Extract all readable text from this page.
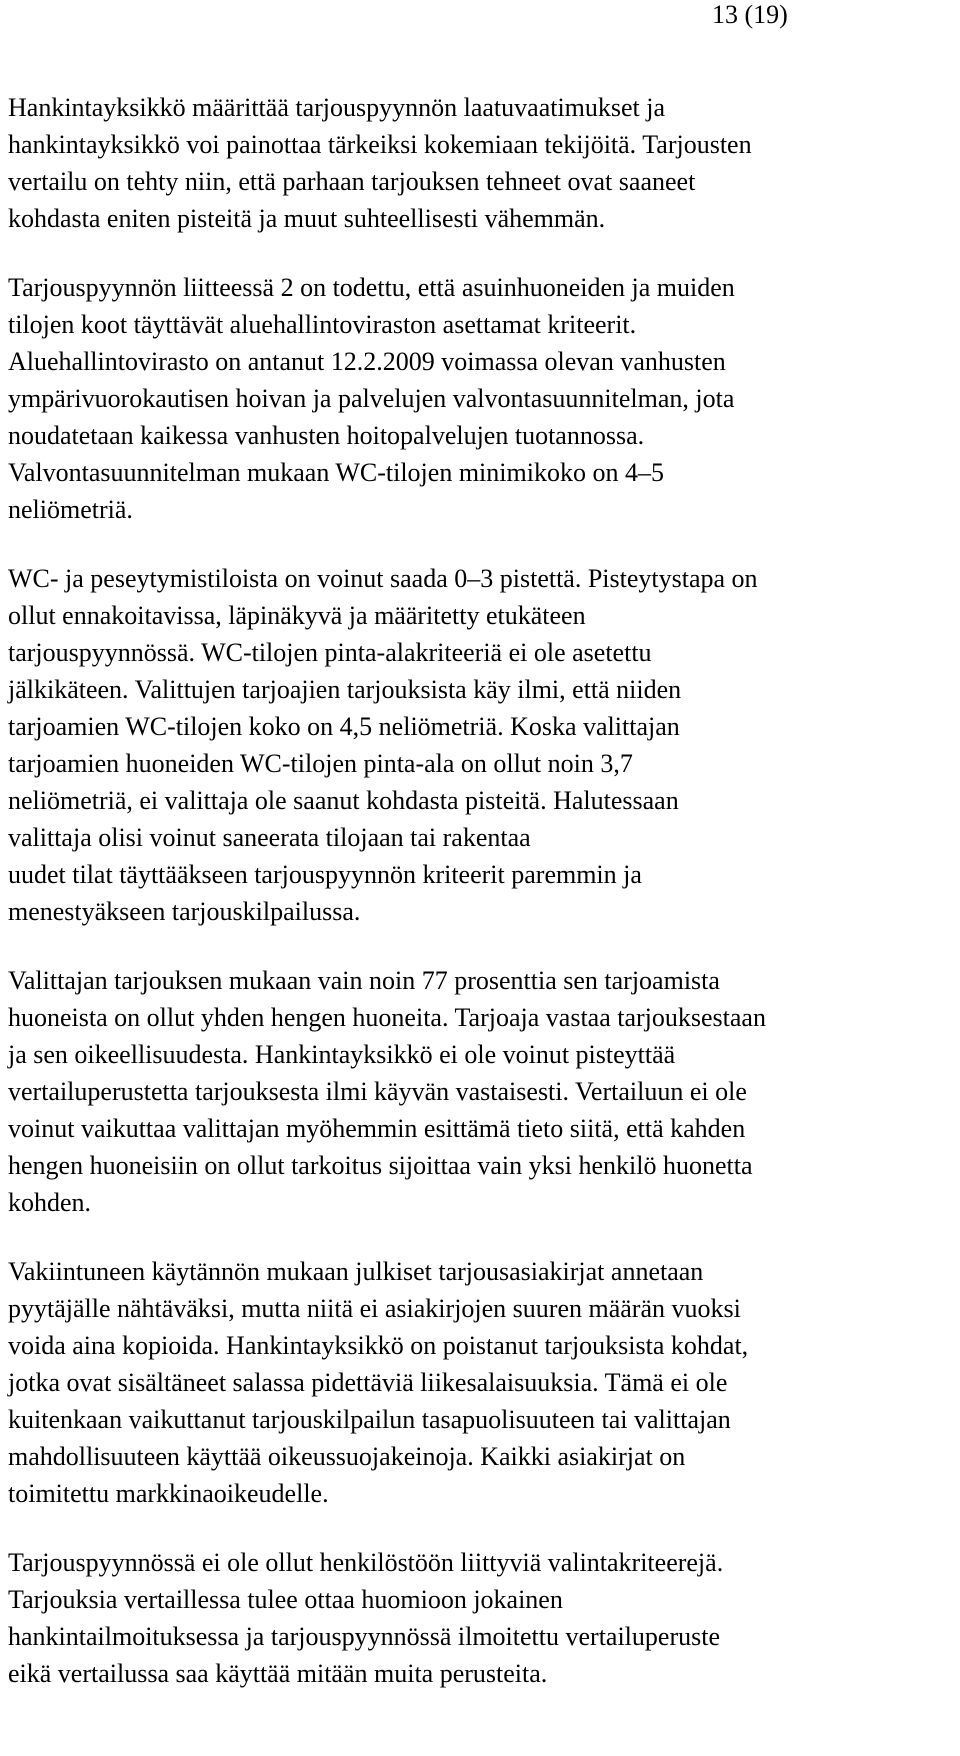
13 (19)

Hankintayksikkö määrittää tarjouspyynnön laatuvaatimukset ja
hankintayksikkö voi painottaa tärkeiksi kokemiaan tekijöitä. Tarjousten
vertailu on tehty niin, että parhaan tarjouksen tehneet ovat saaneet
kohdasta eniten pisteitä ja muut suhteellisesti vähemmän.

Tarjouspyynnön liitteessä 2 on todettu, että asuinhuoneiden ja muiden
tilojen koot täyttävät aluehallintoviraston asettamat kriteerit.
Aluehallintovirasto on antanut 12.2.2009 voimassa olevan vanhusten
ympärivuorokautisen hoivan ja palvelujen valvontasuunnitelman, jota
noudatetaan kaikessa vanhusten hoitopalvelujen tuotannossa.
Valvontasuunnitelman mukaan WC-tilojen minimikoko on 4–5
neliömetriä.

WC- ja peseytymistiloista on voinut saada 0–3 pistettä. Pisteytystapa on
ollut ennakoitavissa, läpinäkyvä ja määritetty etukäteen
tarjouspyynnössä. WC-tilojen pinta-alakriteeriä ei ole asetettu
jälkikäteen. Valittujen tarjoajien tarjouksista käy ilmi, että niiden
tarjoamien WC-tilojen koko on 4,5 neliömetriä. Koska valittajan
tarjoamien huoneiden WC-tilojen pinta-ala on ollut noin 3,7
neliömetriä, ei valittaja ole saanut kohdasta pisteitä. Halutessaan
valittaja olisi voinut saneerata tilojaan tai rakentaa
uudet tilat täyttääkseen tarjouspyynnön kriteerit paremmin ja
menestyäkseen tarjouskilpailussa.

Valittajan tarjouksen mukaan vain noin 77 prosenttia sen tarjoamista
huoneista on ollut yhden hengen huoneita. Tarjoaja vastaa tarjouksestaan
ja sen oikeellisuudesta. Hankintayksikkö ei ole voinut pisteyttää
vertailuperustetta tarjouksesta ilmi käyvän vastaisesti. Vertailuun ei ole
voinut vaikuttaa valittajan myöhemmin esittämä tieto siitä, että kahden
hengen huoneisiin on ollut tarkoitus sijoittaa vain yksi henkilö huonetta
kohden.

Vakiintuneen käytännön mukaan julkiset tarjousasiakirjat annetaan
pyytäjälle nähtäväksi, mutta niitä ei asiakirjojen suuren määrän vuoksi
voida aina kopioida. Hankintayksikkö on poistanut tarjouksista kohdat,
jotka ovat sisältäneet salassa pidettäviä liikesalaisuuksia. Tämä ei ole
kuitenkaan vaikuttanut tarjouskilpailun tasapuolisuuteen tai valittajan
mahdollisuuteen käyttää oikeussuojakeinoja. Kaikki asiakirjat on
toimitettu markkinaoikeudelle.

Tarjouspyynnössä ei ole ollut henkilöstöön liittyviä valintakriteerejä.
Tarjouksia vertaillessa tulee ottaa huomioon jokainen
hankintailmoituksessa ja tarjouspyynnössä ilmoitettu vertailuperuste
eikä vertailussa saa käyttää mitään muita perusteita.
